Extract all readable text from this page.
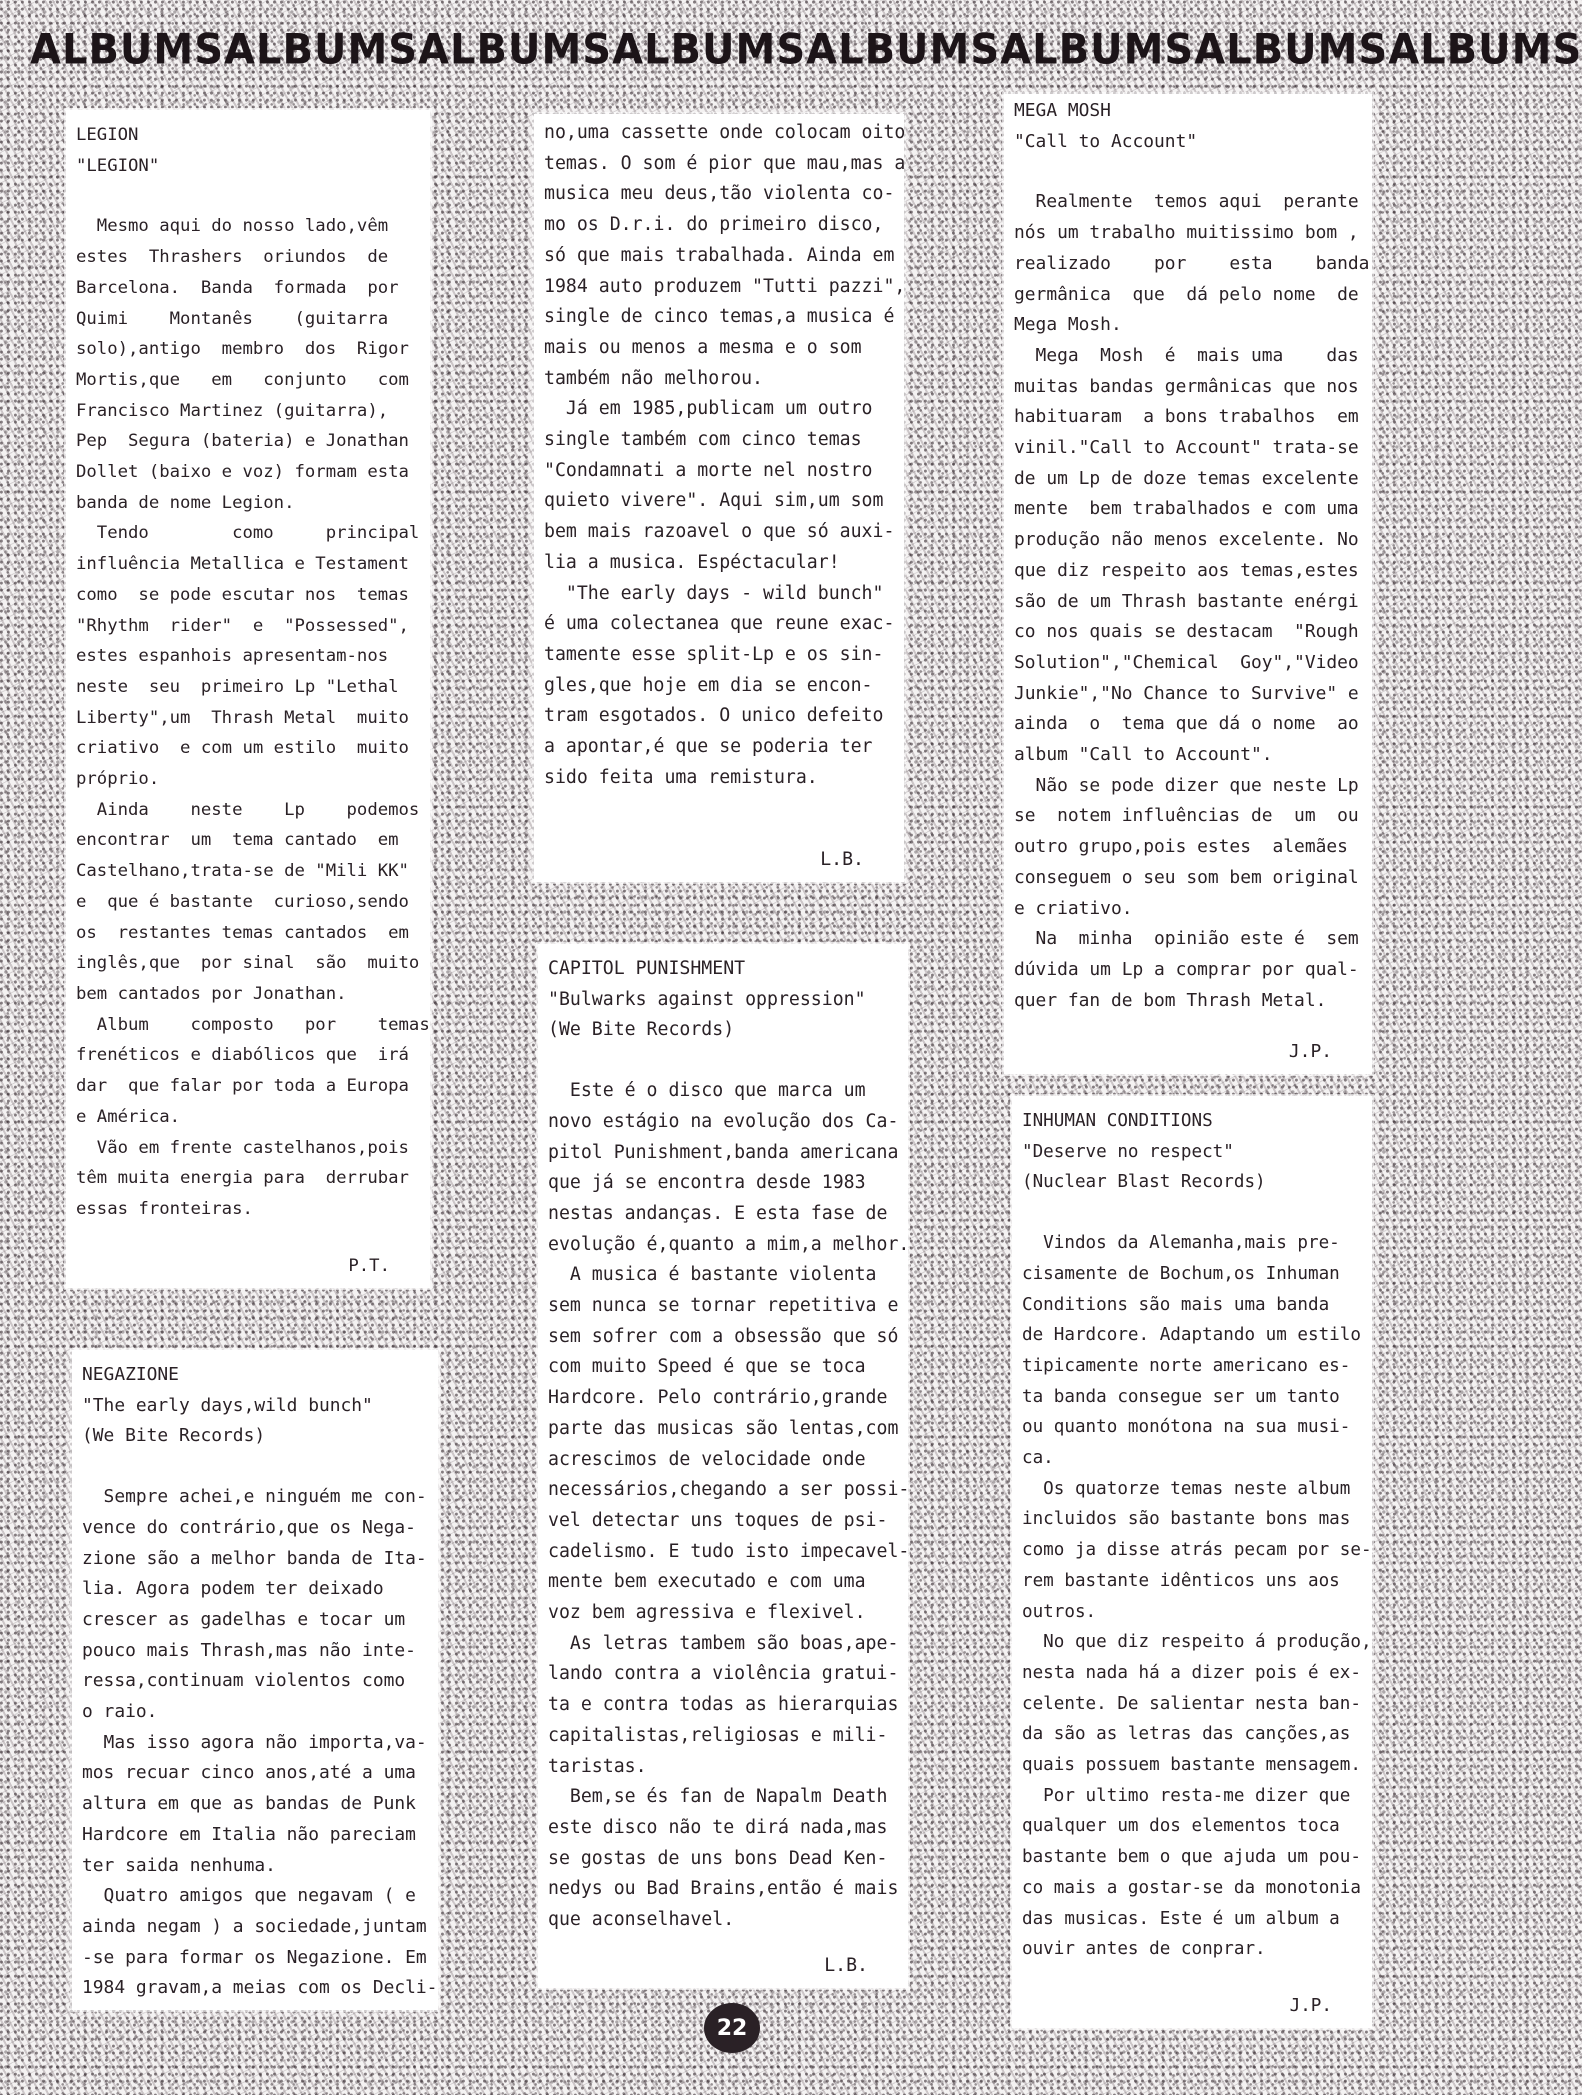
ALBUMS ALBUMS ALBUMS ALBUMS ALBUMS ALBUMS ALBUMS ALBUMS

LEGION

"LEGION"

Mesmo aqui do nosso lado,vêm

estes  Thrashers  oriundos  de

Barcelona.  Banda  formada  por

Quimi    Montanês    (guitarra

solo),antigo  membro  dos  Rigor

Mortis,que   em   conjunto   com

Francisco Martinez (guitarra),

Pep  Segura (bateria) e Jonathan

Dollet (baixo e voz) formam esta

banda de nome Legion.

Tendo        como     principal

influência Metallica e Testament

como  se pode escutar nos  temas

"Rhythm  rider"  e  "Possessed",

estes espanhois apresentam-nos

neste  seu  primeiro Lp "Lethal

Liberty",um  Thrash Metal  muito

criativo  e com um estilo  muito

próprio.

Ainda    neste    Lp    podemos

encontrar  um  tema cantado  em

Castelhano,trata-se de "Mili KK"

e  que é bastante  curioso,sendo

os  restantes temas cantados  em

inglês,que  por sinal  são  muito

bem cantados por Jonathan.

Album    composto   por    temas

frenéticos e diabólicos que  irá

dar  que falar por toda a Europa

e América.

Vão em frente castelhanos,pois

têm muita energia para  derrubar

essas fronteiras.

P.T.

NEGAZIONE

"The early days,wild bunch"

(We Bite Records)

Sempre achei,e ninguém me con-

vence do contrário,que os Nega-

zione são a melhor banda de Ita-

lia. Agora podem ter deixado

crescer as gadelhas e tocar um

pouco mais Thrash,mas não inte-

ressa,continuam violentos como

o raio.

Mas isso agora não importa,va-

mos recuar cinco anos,até a uma

altura em que as bandas de Punk

Hardcore em Italia não pareciam

ter saida nenhuma.

Quatro amigos que negavam ( e

ainda negam ) a sociedade,juntam

-se para formar os Negazione. Em

1984 gravam,a meias com os Decli-

no,uma cassette onde colocam oito

temas. O som é pior que mau,mas a

musica meu deus,tão violenta co-

mo os D.r.i. do primeiro disco,

só que mais trabalhada. Ainda em

1984 auto produzem "Tutti pazzi",

single de cinco temas,a musica é

mais ou menos a mesma e o som

também não melhorou.

Já em 1985,publicam um outro

single também com cinco temas

"Condamnati a morte nel nostro

quieto vivere". Aqui sim,um som

bem mais razoavel o que só auxi-

lia a musica. Espéctacular!

"The early days - wild bunch"

é uma colectanea que reune exac-

tamente esse split-Lp e os sin-

gles,que hoje em dia se encon-

tram esgotados. O unico defeito

a apontar,é que se poderia ter

sido feita uma remistura.

L.B.

CAPITOL PUNISHMENT

"Bulwarks against oppression"

(We Bite Records)

Este é o disco que marca um

novo estágio na evolução dos Ca-

pitol Punishment,banda americana

que já se encontra desde 1983

nestas andanças. E esta fase de

evolução é,quanto a mim,a melhor.

A musica é bastante violenta

sem nunca se tornar repetitiva e

sem sofrer com a obsessão que só

com muito Speed é que se toca

Hardcore. Pelo contrário,grande

parte das musicas são lentas,com

acrescimos de velocidade onde

necessários,chegando a ser possi-

vel detectar uns toques de psi-

cadelismo. E tudo isto impecavel-

mente bem executado e com uma

voz bem agressiva e flexivel.

As letras tambem são boas,ape-

lando contra a violência gratui-

ta e contra todas as hierarquias

capitalistas,religiosas e mili-

taristas.

Bem,se és fan de Napalm Death

este disco não te dirá nada,mas

se gostas de uns bons Dead Ken-

nedys ou Bad Brains,então é mais

que aconselhavel.

L.B.

MEGA MOSH

"Call to Account"

Realmente  temos aqui  perante

nós um trabalho muitissimo bom ,

realizado    por    esta    banda

germânica  que  dá pelo nome  de

Mega Mosh.

Mega  Mosh  é  mais uma    das

muitas bandas germânicas que nos

habituaram  a bons trabalhos  em

vinil."Call to Account" trata-se

de um Lp de doze temas excelente

mente  bem trabalhados e com uma

produção não menos excelente. No

que diz respeito aos temas,estes

são de um Thrash bastante enérgi

co nos quais se destacam  "Rough

Solution","Chemical  Goy","Video

Junkie","No Chance to Survive" e

ainda  o  tema que dá o nome  ao

album "Call to Account".

Não se pode dizer que neste Lp

se  notem influências de  um  ou

outro grupo,pois estes  alemães

conseguem o seu som bem original

e criativo.

Na  minha  opinião este é  sem

dúvida um Lp a comprar por qual-

quer fan de bom Thrash Metal.

J.P.

INHUMAN CONDITIONS

"Deserve no respect"

(Nuclear Blast Records)

Vindos da Alemanha,mais pre-

cisamente de Bochum,os Inhuman

Conditions são mais uma banda

de Hardcore. Adaptando um estilo

tipicamente norte americano es-

ta banda consegue ser um tanto

ou quanto monótona na sua musi-

ca.

Os quatorze temas neste album

incluidos são bastante bons mas

como ja disse atrás pecam por se-

rem bastante idênticos uns aos

outros.

No que diz respeito á produção,

nesta nada há a dizer pois é ex-

celente. De salientar nesta ban-

da são as letras das canções,as

quais possuem bastante mensagem.

Por ultimo resta-me dizer que

qualquer um dos elementos toca

bastante bem o que ajuda um pou-

co mais a gostar-se da monotonia

das musicas. Este é um album a

ouvir antes de conprar.

J.P.
22
